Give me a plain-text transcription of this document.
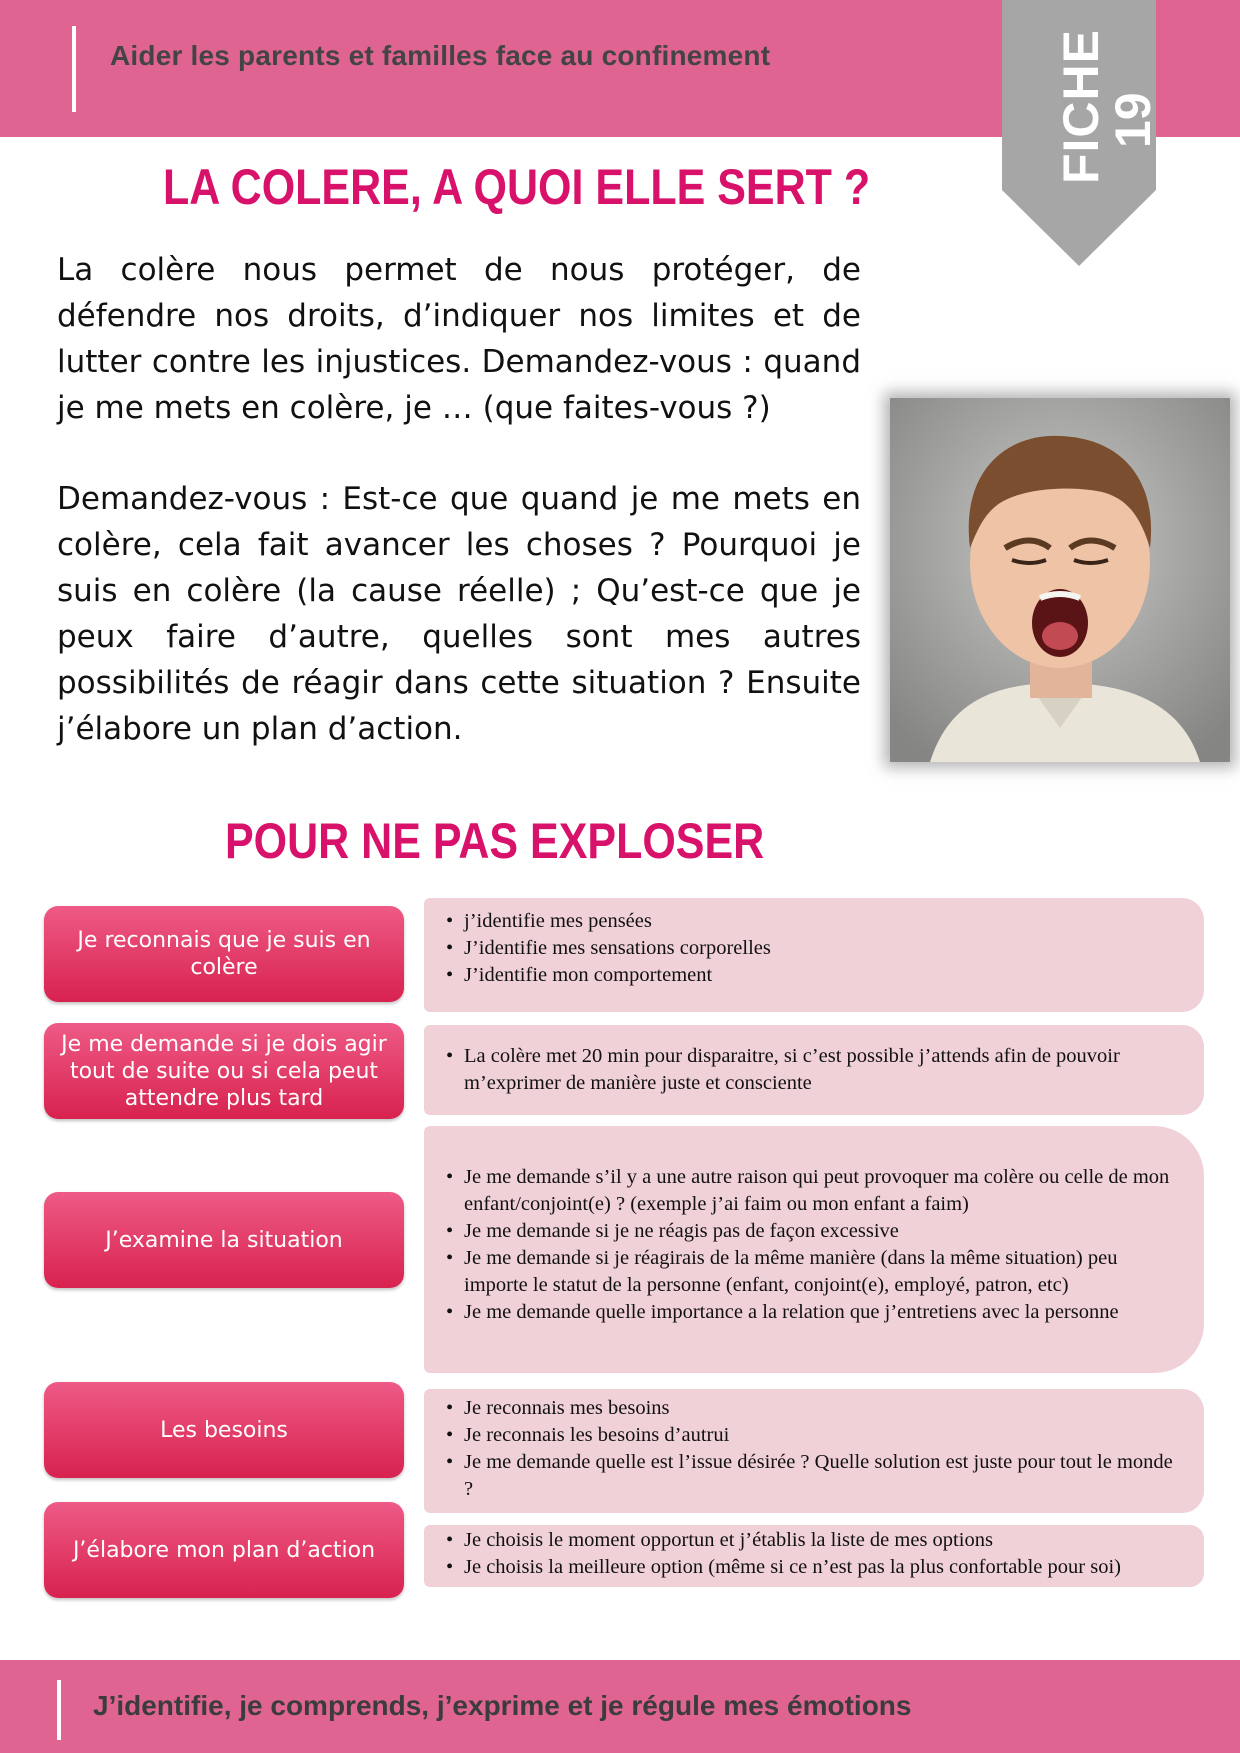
Aider les parents et familles face au confinement	FICHE
19
LA COLERE, A QUOI ELLE SERT ?
La colère nous permet de nous protéger, de défendre nos droits, d’indiquer nos limites et de lutter contre les injustices. Demandez-vous : quand je me mets en colère, je … (que faites-vous ?)
Demandez-vous : Est-ce que quand je me mets en colère, cela fait avancer les choses ? Pourquoi je suis en colère (la cause réelle) ; Qu’est-ce que je peux faire d’autre, quelles sont mes autres possibilités de réagir dans cette situation ? Ensuite j’élabore un plan d’action.
POUR NE PAS EXPLOSER
Je reconnais que je suis en colère
• j’identifie mes pensées
• J’identifie mes sensations corporelles
• J’identifie mon comportement
Je me demande si je dois agir tout de suite ou si cela peut attendre plus tard
• La colère met 20 min pour disparaitre, si c’est possible j’attends afin de pouvoir m’exprimer de manière juste et consciente
J’examine la situation
• Je me demande s’il y a une autre raison qui peut provoquer ma colère ou celle de mon enfant/conjoint(e) ? (exemple j’ai faim ou mon enfant a faim)
• Je me demande si je ne réagis pas de façon excessive
• Je me demande si je réagirais de la même manière (dans la même situation) peu importe le statut de la personne (enfant, conjoint(e), employé, patron, etc)
• Je me demande quelle importance a la relation que j’entretiens avec la personne
Les besoins
• Je reconnais mes besoins
• Je reconnais les besoins d’autrui
• Je me demande quelle est l’issue désirée ? Quelle solution est juste pour tout le monde ?
J’élabore mon plan d’action
•	Je choisis le moment opportun et j’établis la liste de mes options
• Je choisis la meilleure option (même si ce n’est pas la plus confortable pour soi)
J’identifie, je comprends, j’exprime et je régule mes émotions
